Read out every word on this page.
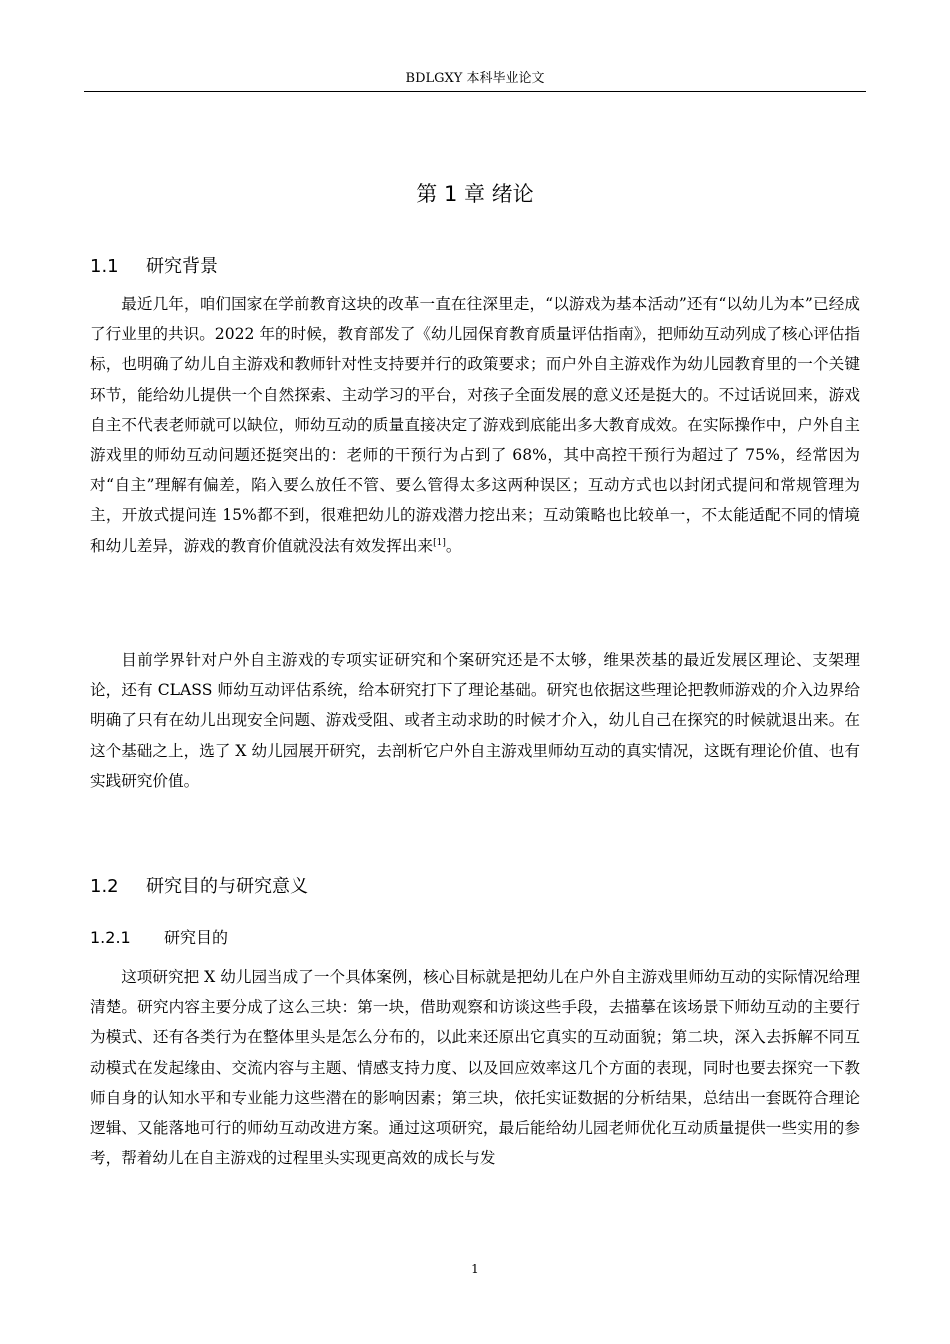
BDLGXY 本科毕业论文
第 1 章 绪论
1.1 研究背景

最近几年，咱们国家在学前教育这块的改革一直在往深里走，“以游戏为基本活动”还有“以幼儿为本”已经成了行业里的共识。2022 年的时候，教育部发了《幼儿园保育教育质量评估指南》，把师幼互动列成了核心评估指标，也明确了幼儿自主游戏和教师针对性支持要并行的政策要求；而户外自主游戏作为幼儿园教育里的一个关键环节，能给幼儿提供一个自然探索、主动学习的平台，对孩子全面发展的意义还是挺大的。不过话说回来，游戏自主不代表老师就可以缺位，师幼互动的质量直接决定了游戏到底能出多大教育成效。在实际操作中，户外自主游戏里的师幼互动问题还挺突出的：老师的干预行为占到了 68%，其中高控干预行为超过了 75%，经常因为对“自主”理解有偏差，陷入要么放任不管、要么管得太多这两种误区；互动方式也以封闭式提问和常规管理为主，开放式提问连 15%都不到，很难把幼儿的游戏潜力挖出来；互动策略也比较单一，不太能适配不同的情境和幼儿差异，游戏的教育价值就没法有效发挥出来[1]。

目前学界针对户外自主游戏的专项实证研究和个案研究还是不太够，维果茨基的最近发展区理论、支架理论，还有 CLASS 师幼互动评估系统，给本研究打下了理论基础。研究也依据这些理论把教师游戏的介入边界给明确了只有在幼儿出现安全问题、游戏受阻、或者主动求助的时候才介入，幼儿自己在探究的时候就退出来。在这个基础之上，选了 X 幼儿园展开研究，去剖析它户外自主游戏里师幼互动的真实情况，这既有理论价值、也有实践研究价值。

1.2 研究目的与研究意义
1.2.1 研究目的

这项研究把 X 幼儿园当成了一个具体案例，核心目标就是把幼儿在户外自主游戏里师幼互动的实际情况给理清楚。研究内容主要分成了这么三块：第一块，借助观察和访谈这些手段，去描摹在该场景下师幼互动的主要行为模式、还有各类行为在整体里头是怎么分布的，以此来还原出它真实的互动面貌；第二块，深入去拆解不同互动模式在发起缘由、交流内容与主题、情感支持力度、以及回应效率这几个方面的表现，同时也要去探究一下教师自身的认知水平和专业能力这些潜在的影响因素；第三块，依托实证数据的分析结果，总结出一套既符合理论逻辑、又能落地可行的师幼互动改进方案。通过这项研究，最后能给幼儿园老师优化互动质量提供一些实用的参考，帮着幼儿在自主游戏的过程里头实现更高效的成长与发

1
